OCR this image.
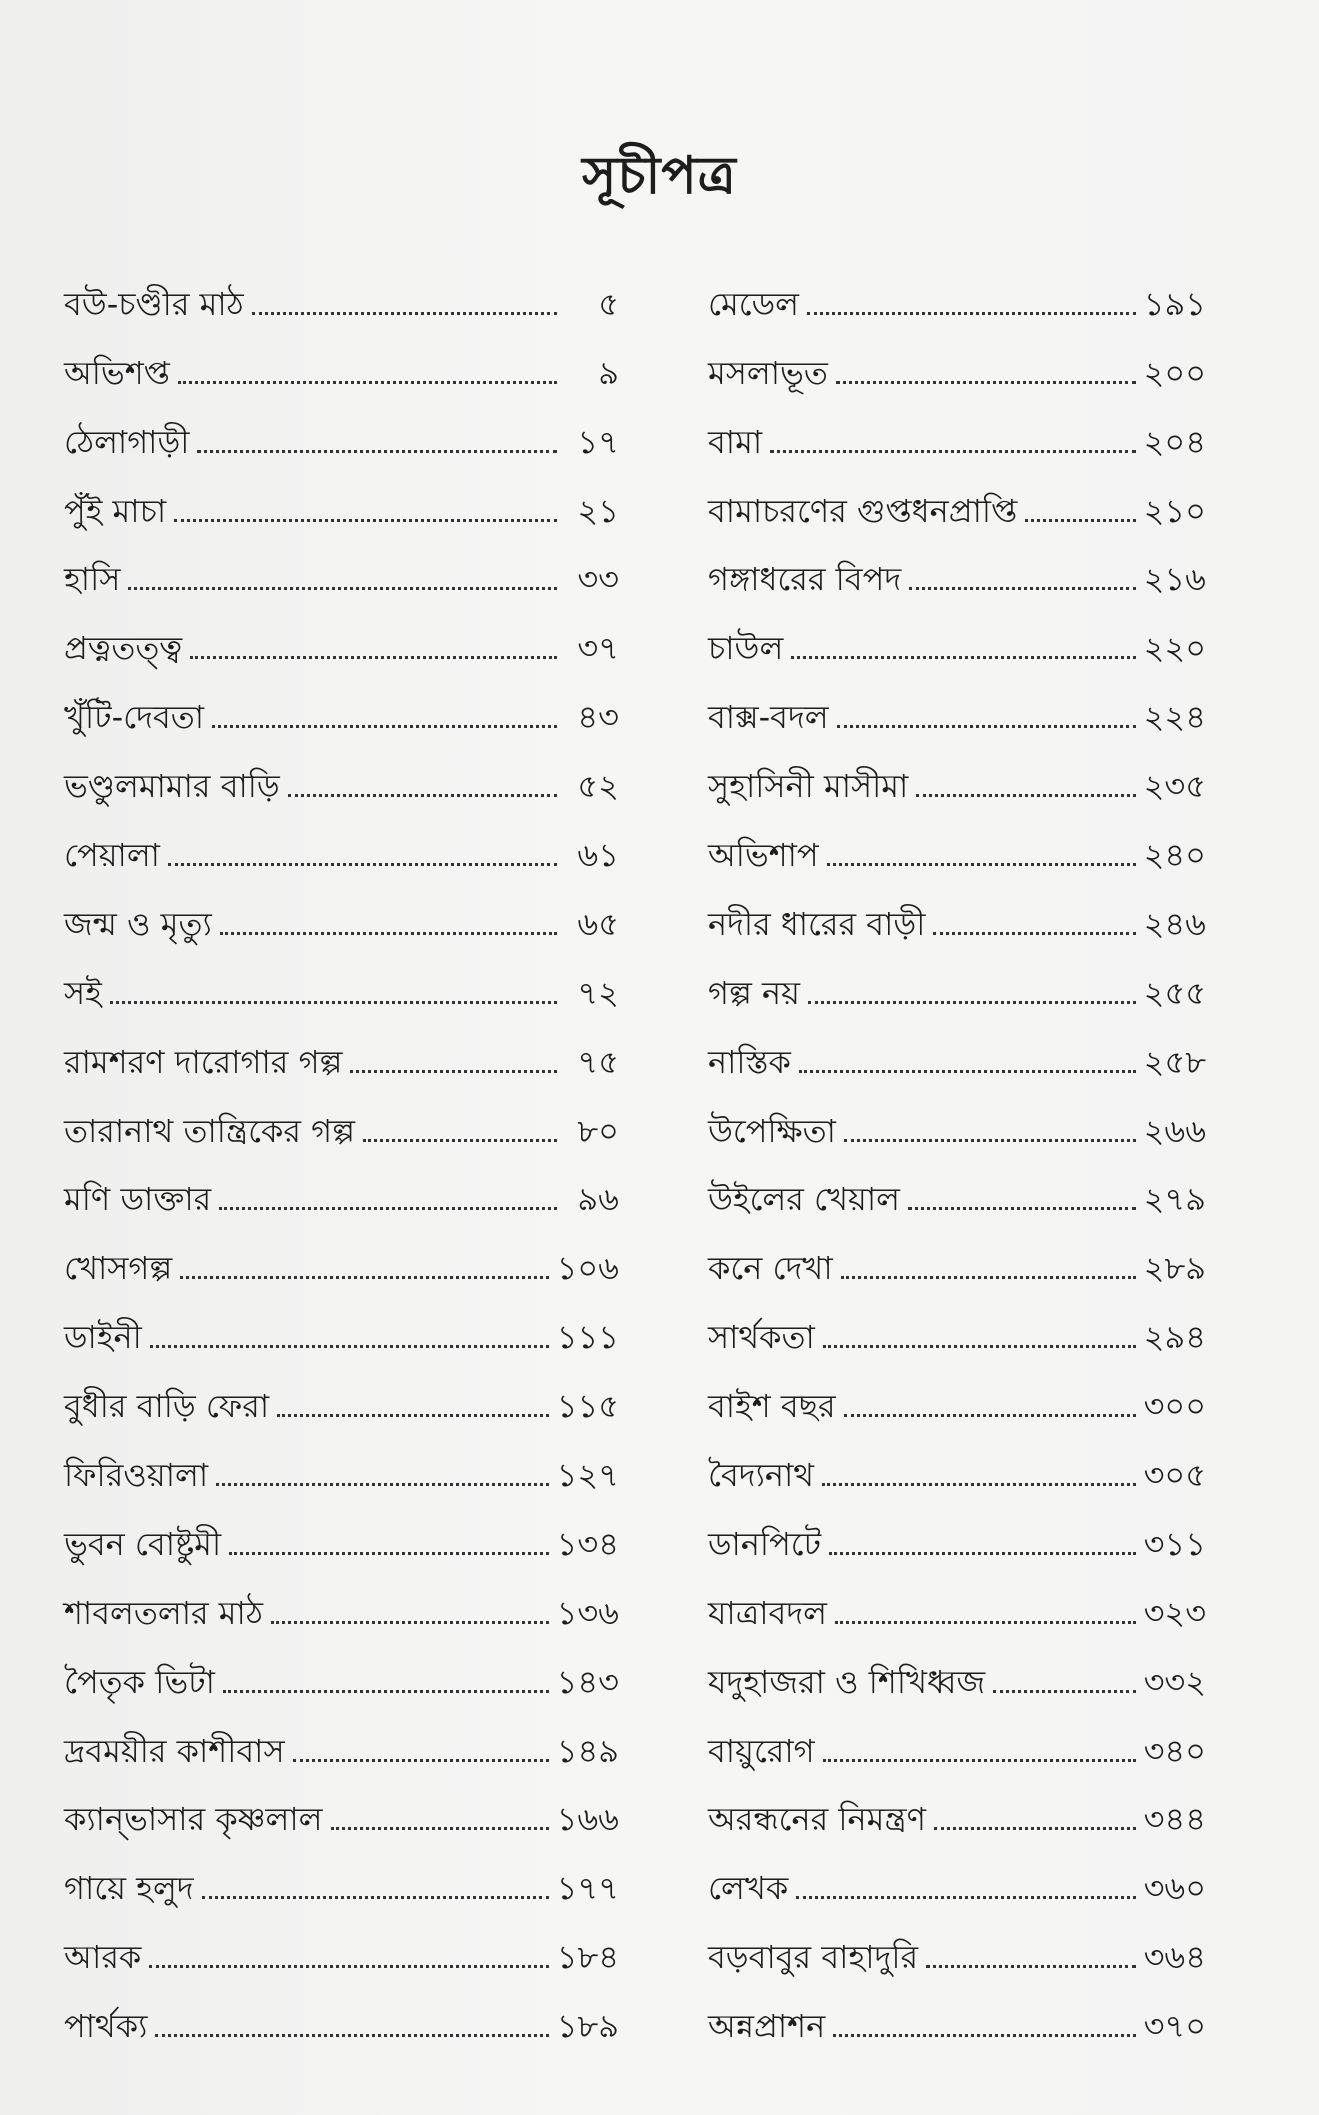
সূচীপত্র
বউ-চণ্ডীর মাঠ	৫
অভিশপ্ত	৯
ঠেলাগাড়ী	১৭
পুঁই মাচা	২১
হাসি	৩৩
প্রত্নতত্ত্ব	৩৭
খুঁটি-দেবতা	৪৩
ভণ্ডুলমামার বাড়ি	৫২
পেয়ালা	৬১
জন্ম ও মৃত্যু	৬৫
সই	৭২
রামশরণ দারোগার গল্প	৭৫
তারানাথ তান্ত্রিকের গল্প	৮০
মণি ডাক্তার	৯৬
খোসগল্প	১০৬
ডাইনী	১১১
বুধীর বাড়ি ফেরা	১১৫
ফিরিওয়ালা	১২৭
ভুবন বোষ্টুমী	১৩৪
শাবলতলার মাঠ	১৩৬
পৈতৃক ভিটা	১৪৩
দ্রবময়ীর কাশীবাস	১৪৯
ক্যান্‌ভাসার কৃষ্ণলাল	১৬৬
গায়ে হলুদ	১৭৭
আরক	১৮৪
পার্থক্য	১৮৯
মেডেল	১৯১
মসলাভূত	২০০
বামা	২০৪
বামাচরণের গুপ্তধনপ্রাপ্তি	২১০
গঙ্গাধরের বিপদ	২১৬
চাউল	২২০
বাক্স-বদল	২২৪
সুহাসিনী মাসীমা	২৩৫
অভিশাপ	২৪০
নদীর ধারের বাড়ী	২৪৬
গল্প নয়	২৫৫
নাস্তিক	২৫৮
উপেক্ষিতা	২৬৬
উইলের খেয়াল	২৭৯
কনে দেখা	২৮৯
সার্থকতা	২৯৪
বাইশ বছর	৩০০
বৈদ্যনাথ	৩০৫
ডানপিটে	৩১১
যাত্রাবদল	৩২৩
যদুহাজরা ও শিখিধ্বজ	৩৩২
বায়ুরোগ	৩৪০
অরন্ধনের নিমন্ত্রণ	৩৪৪
লেখক	৩৬০
বড়বাবুর বাহাদুরি	৩৬৪
অন্নপ্রাশন	৩৭০
